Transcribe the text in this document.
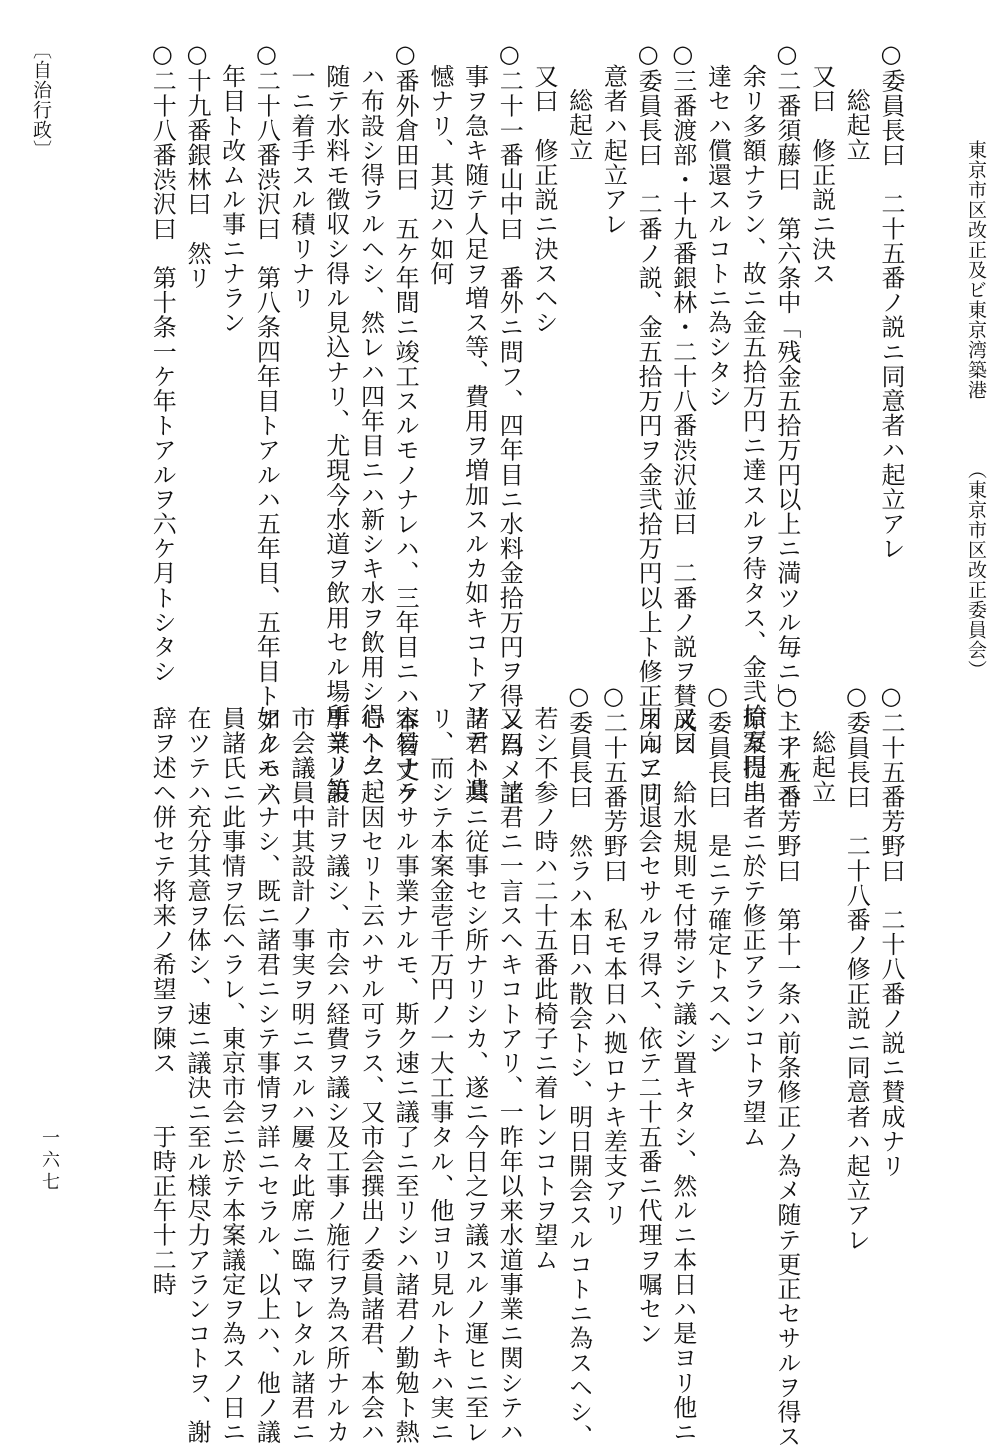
○委員長曰　二十五番ノ説ニ同意者ハ起立アレ
総起立
又曰　修正説ニ決ス
○二番須藤曰　第六条中「残金五拾万円以上ニ満ツル毎ニ」トアルハ
余リ多額ナラン、故ニ金五拾万円ニ達スルヲ待タス、金弐拾万円ニ
達セハ償還スルコトニ為シタシ
○三番渡部・十九番銀林・二十八番渋沢並曰　二番ノ説ヲ賛成ス
○委員長曰　二番ノ説、金五拾万円ヲ金弐拾万円以上ト修正スルニ同
意者ハ起立アレ
総起立
又曰　修正説ニ決スヘシ
○二十一番山中曰　番外ニ問フ、四年目ニ水料金拾万円ヲ得ン為メ工
事ヲ急キ随テ人足ヲ増ス等、費用ヲ増加スルカ如キコトアリテハ遺
憾ナリ、其辺ハ如何
○番外倉田曰　五ケ年間ニ竣工スルモノナレハ、三年目ニハ本管丈ケ
ハ布設シ得ラルヘシ、然レハ四年目ニハ新シキ水ヲ飲用シ得ヘク、
随テ水料モ徴収シ得ル見込ナリ、尤現今水道ヲ飲用セル場所ヨリ第
一ニ着手スル積リナリ
○二十八番渋沢曰　第八条四年目トアルハ五年目、五年目トアルハ六
年目ト改ムル事ニナラン
○十九番銀林曰　然リ
○二十八番渋沢曰　第十条一ケ年トアルヲ六ケ月トシタシ
○二十五番芳野曰　二十八番ノ説ニ賛成ナリ
○委員長曰　二十八番ノ修正説ニ同意者ハ起立アレ
総起立
○二十五番芳野曰　第十一条ハ前条修正ノ為メ随テ更正セサルヲ得ス
原案提出者ニ於テ修正アランコトヲ望ム
○委員長曰　是ニテ確定トスヘシ
又曰　給水規則モ付帯シテ議シ置キタシ、然ルニ本日ハ是ヨリ他ニ
用向アリ退会セサルヲ得ス、依テ二十五番ニ代理ヲ嘱セン
○二十五番芳野曰　私モ本日ハ拠ロナキ差支アリ
○委員長曰　然ラハ本日ハ散会トシ、明日開会スルコトニ為スヘシ、
若シ不参ノ時ハ二十五番此椅子ニ着レンコトヲ望ム
又曰　諸君ニ一言スヘキコトアリ、一昨年以来水道事業ニ関シテハ
諸君ト共ニ従事セシ所ナリシカ、遂ニ今日之ヲ議スルノ運ヒニ至レ
リ、而シテ本案金壱千万円ノ一大工事タル、他ヨリ見ルトキハ実ニ
容易ナラサル事業ナルモ、斯ク速ニ議了ニ至リシハ諸君ノ勤勉ト熱
心トニ起因セリト云ハサル可ラス、又市会撰出ノ委員諸君、本会ハ
事業ノ設計ヲ議シ、市会ハ経費ヲ議シ及工事ノ施行ヲ為ス所ナルカ
市会議員中其設計ノ事実ヲ明ニスルハ屢々此席ニ臨マレタル諸君ニ
如クモノナシ、既ニ諸君ニシテ事情ヲ詳ニセラル、以上ハ、他ノ議
員諸氏ニ此事情ヲ伝ヘラレ、東京市会ニ於テ本案議定ヲ為スノ日ニ
在ツテハ充分其意ヲ体シ、速ニ議決ニ至ル様尽力アランコトヲ、謝
辞ヲ述ヘ併セテ将来ノ希望ヲ陳ス　　于時正午十二時
東京市区改正及ビ東京湾築港
（東京市区改正委員会）
〔自治行政〕
一六七
